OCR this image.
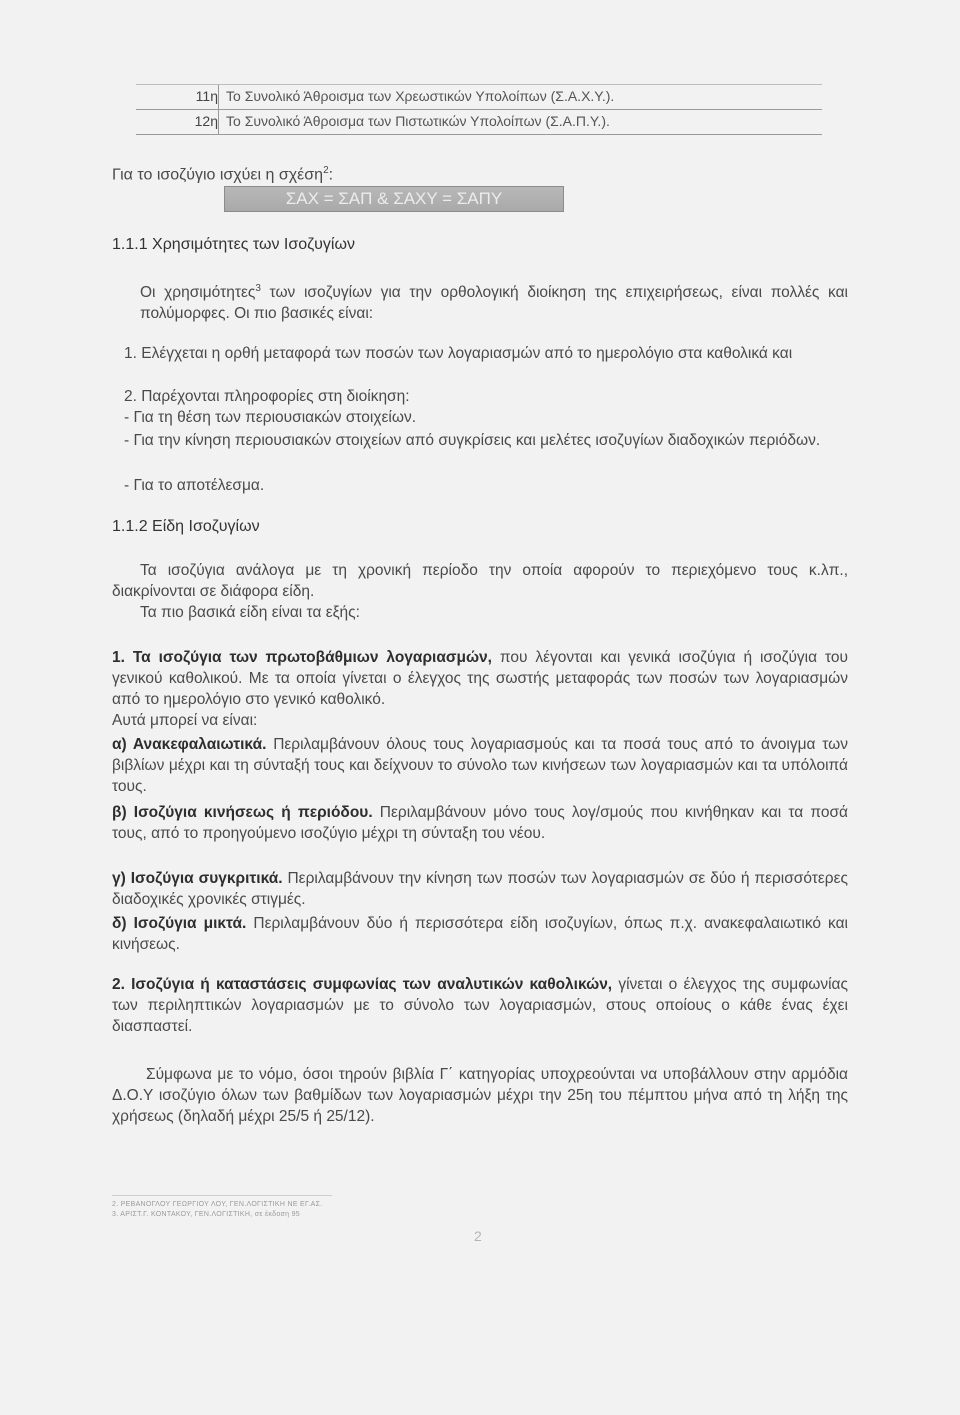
11η Το Συνολικό Άθροισμα των Χρεωστικών Υπολοίπων (Σ.Α.Χ.Υ.).
12η Το Συνολικό Άθροισμα των Πιστωτικών Υπολοίπων (Σ.Α.Π.Υ.).
Για το ισοζύγιο ισχύει η σχέση$^2$:
ΣΑΧ = ΣΑΠ & ΣΑΧΥ = ΣΑΠΥ
1.1.1 Χρησιμότητες των Ισοζυγίων

Οι χρησιμότητες$^3$ των ισοζυγίων για την ορθολογική διοίκηση της επιχειρήσεως, είναι πολλές και πολύμορφες. Οι πιο βασικές είναι:

1. Ελέγχεται η ορθή μεταφορά των ποσών των λογαριασμών από το ημερολόγιο στα καθολικά και

2. Παρέχονται πληροφορίες στη διοίκηση:

- Για τη θέση των περιουσιακών στοιχείων.

- Για την κίνηση περιουσιακών στοιχείων από συγκρίσεις και μελέτες ισοζυγίων διαδοχικών περιόδων.

- Για το αποτέλεσμα.

1.1.2 Είδη Ισοζυγίων

Τα ισοζύγια ανάλογα με τη χρονική περίοδο την οποία αφορούν το περιεχόμενο τους κ.λπ., διακρίνονται σε διάφορα είδη.

Τα πιο βασικά είδη είναι τα εξής:

1. Τα ισοζύγια των πρωτοβάθμιων λογαριασμών, που λέγονται και γενικά ισοζύγια ή ισοζύγια του γενικού καθολικού. Με τα οποία γίνεται ο έλεγχος της σωστής μεταφοράς των ποσών των λογαριασμών από το ημερολόγιο στο γενικό καθολικό.
Αυτά μπορεί να είναι:

α) Ανακεφαλαιωτικά. Περιλαμβάνουν όλους τους λογαριασμούς και τα ποσά τους από το άνοιγμα των βιβλίων μέχρι και τη σύνταξή τους και δείχνουν το σύνολο των κινήσεων των λογαριασμών και τα υπόλοιπά τους.

β) Ισοζύγια κινήσεως ή περιόδου. Περιλαμβάνουν μόνο τους λογ/σμούς που κινήθηκαν και τα ποσά τους, από το προηγούμενο ισοζύγιο μέχρι τη σύνταξη του νέου.

γ) Ισοζύγια συγκριτικά. Περιλαμβάνουν την κίνηση των ποσών των λογαριασμών σε δύο ή περισσότερες διαδοχικές χρονικές στιγμές.

δ) Ισοζύγια μικτά. Περιλαμβάνουν δύο ή περισσότερα είδη ισοζυγίων, όπως π.χ. ανακεφαλαιωτικό και κινήσεως.

2. Ισοζύγια ή καταστάσεις συμφωνίας των αναλυτικών καθολικών, γίνεται ο έλεγχος της συμφωνίας των περιληπτικών λογαριασμών με το σύνολο των λογαριασμών, στους οποίους ο κάθε ένας έχει διασπαστεί.

Σύμφωνα με το νόμο, όσοι τηρούν βιβλία Γ΄ κατηγορίας υποχρεούνται να υποβάλλουν στην αρμόδια Δ.Ο.Υ ισοζύγιο όλων των βαθμίδων των λογαριασμών μέχρι την 25η του πέμπτου μήνα από τη λήξη της χρήσεως (δηλαδή μέχρι 25/5 ή 25/12).

2. ΡΕΒΑΝΟΓΛΟΥ ΓΕΩΡΓΙΟΥ ΛΟΥ, ΓΕΝ.ΛΟΓΙΣΤΙΚΗ ΝΕ ΕΓ.ΑΣ.
3. ΑΡΙΣΤ.Γ. ΚΟΝΤΑΚΟΥ, ΓΕΝ.ΛΟΓΙΣΤΙΚΗ, σε έκδοση 95
2
